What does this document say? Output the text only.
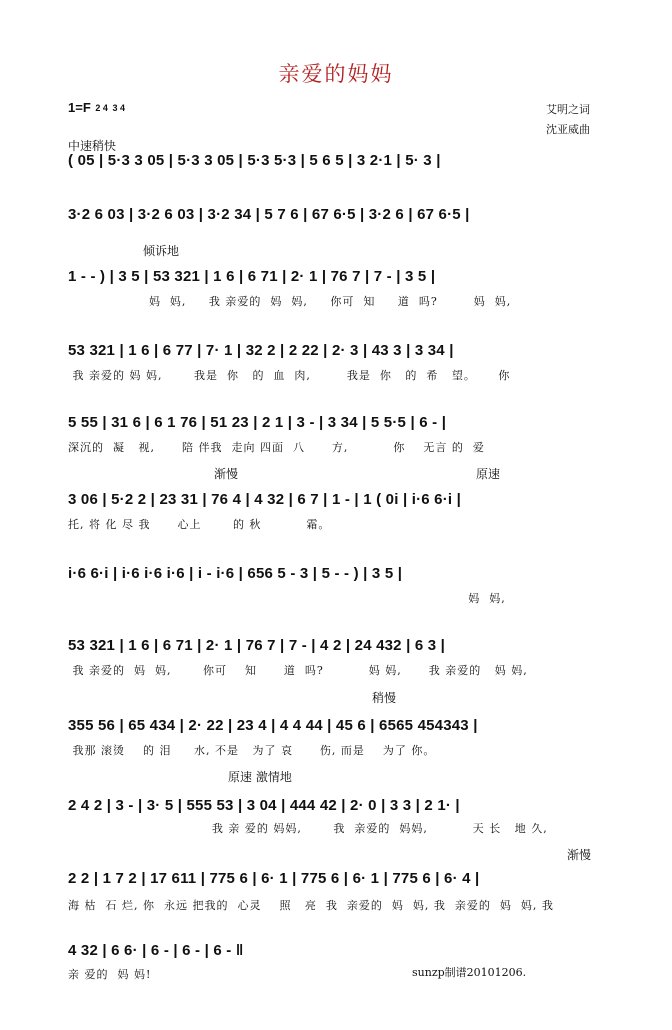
亲爱的妈妈
1=F 2 4 3 4	艾明之词
沈亚威曲
中速稍快
倾诉地
渐慢	原速
稍慢
原速 激情地
渐慢
( 05 | 5·3 3 05 | 5·3 3 05 | 5·3 5·3 | 5 6 5 | 3 2·1 | 5· 3 |
3·2 6 03 | 3·2 6 03 | 3·2 34 | 5 7 6 | 67 6·5 | 3·2 6 | 67 6·5 |
1 - - ) | 3 5 | 53 321 | 1 6 | 6 71 | 2· 1 | 76 7 | 7 - | 3 5 |
妈  妈,     我 亲爱的  妈  妈,     你可  知     道  吗?        妈  妈,
53 321 | 1 6 | 6 77 | 7· 1 | 32 2 | 2 22 | 2· 3 | 43 3 | 3 34 |
我 亲爱的 妈 妈,       我是  你   的  血  肉,        我是  你   的  希   望。     你
5 55 | 31 6 | 6 1 76 | 51 23 | 2 1 | 3 - | 3 34 | 5 5·5 | 6 - |
深沉的  凝   视,      陪 伴我  走向 四面  八      方,          你    无言 的  爱
3 06 | 5·2 2 | 23 31 | 76 4 | 4 32 | 6 7 | 1 - | 1 ( 0i | i·6 6·i |
托, 将 化 尽 我      心上       的 秋          霜。
i·6 6·i | i·6 i·6 i·6 | i - i·6 | 656 5 - 3 | 5 - - ) | 3 5 |
妈  妈,
53 321 | 1 6 | 6 71 | 2· 1 | 76 7 | 7 - | 4 2 | 24 432 | 6 3 |
我 亲爱的  妈  妈,       你可    知      道  吗?          妈 妈,      我 亲爱的   妈 妈,
355 56 | 65 434 | 2· 22 | 23 4 | 4 4 44 | 45 6 | 6565 454343 |
我那 滚烫    的 泪     水, 不是   为了 哀      伤, 而是    为了 你。
2 4 2 | 3 - | 3· 5 | 555 53 | 3 04 | 444 42 | 2· 0 | 3 3 | 2 1· |
我 亲 爱的 妈妈,       我  亲爱的  妈妈,          天 长   地 久,
2 2 | 1 7 2 | 17 611 | 775 6 | 6· 1 | 775 6 | 6· 1 | 775 6 | 6· 4 |
海 枯  石 烂, 你  永远 把我的  心灵    照   亮  我  亲爱的  妈  妈, 我  亲爱的  妈  妈, 我
4 32 | 6 6· | 6 - | 6 - | 6 - ‖
亲 爱的  妈 妈!	sunzp制谱20101206.
